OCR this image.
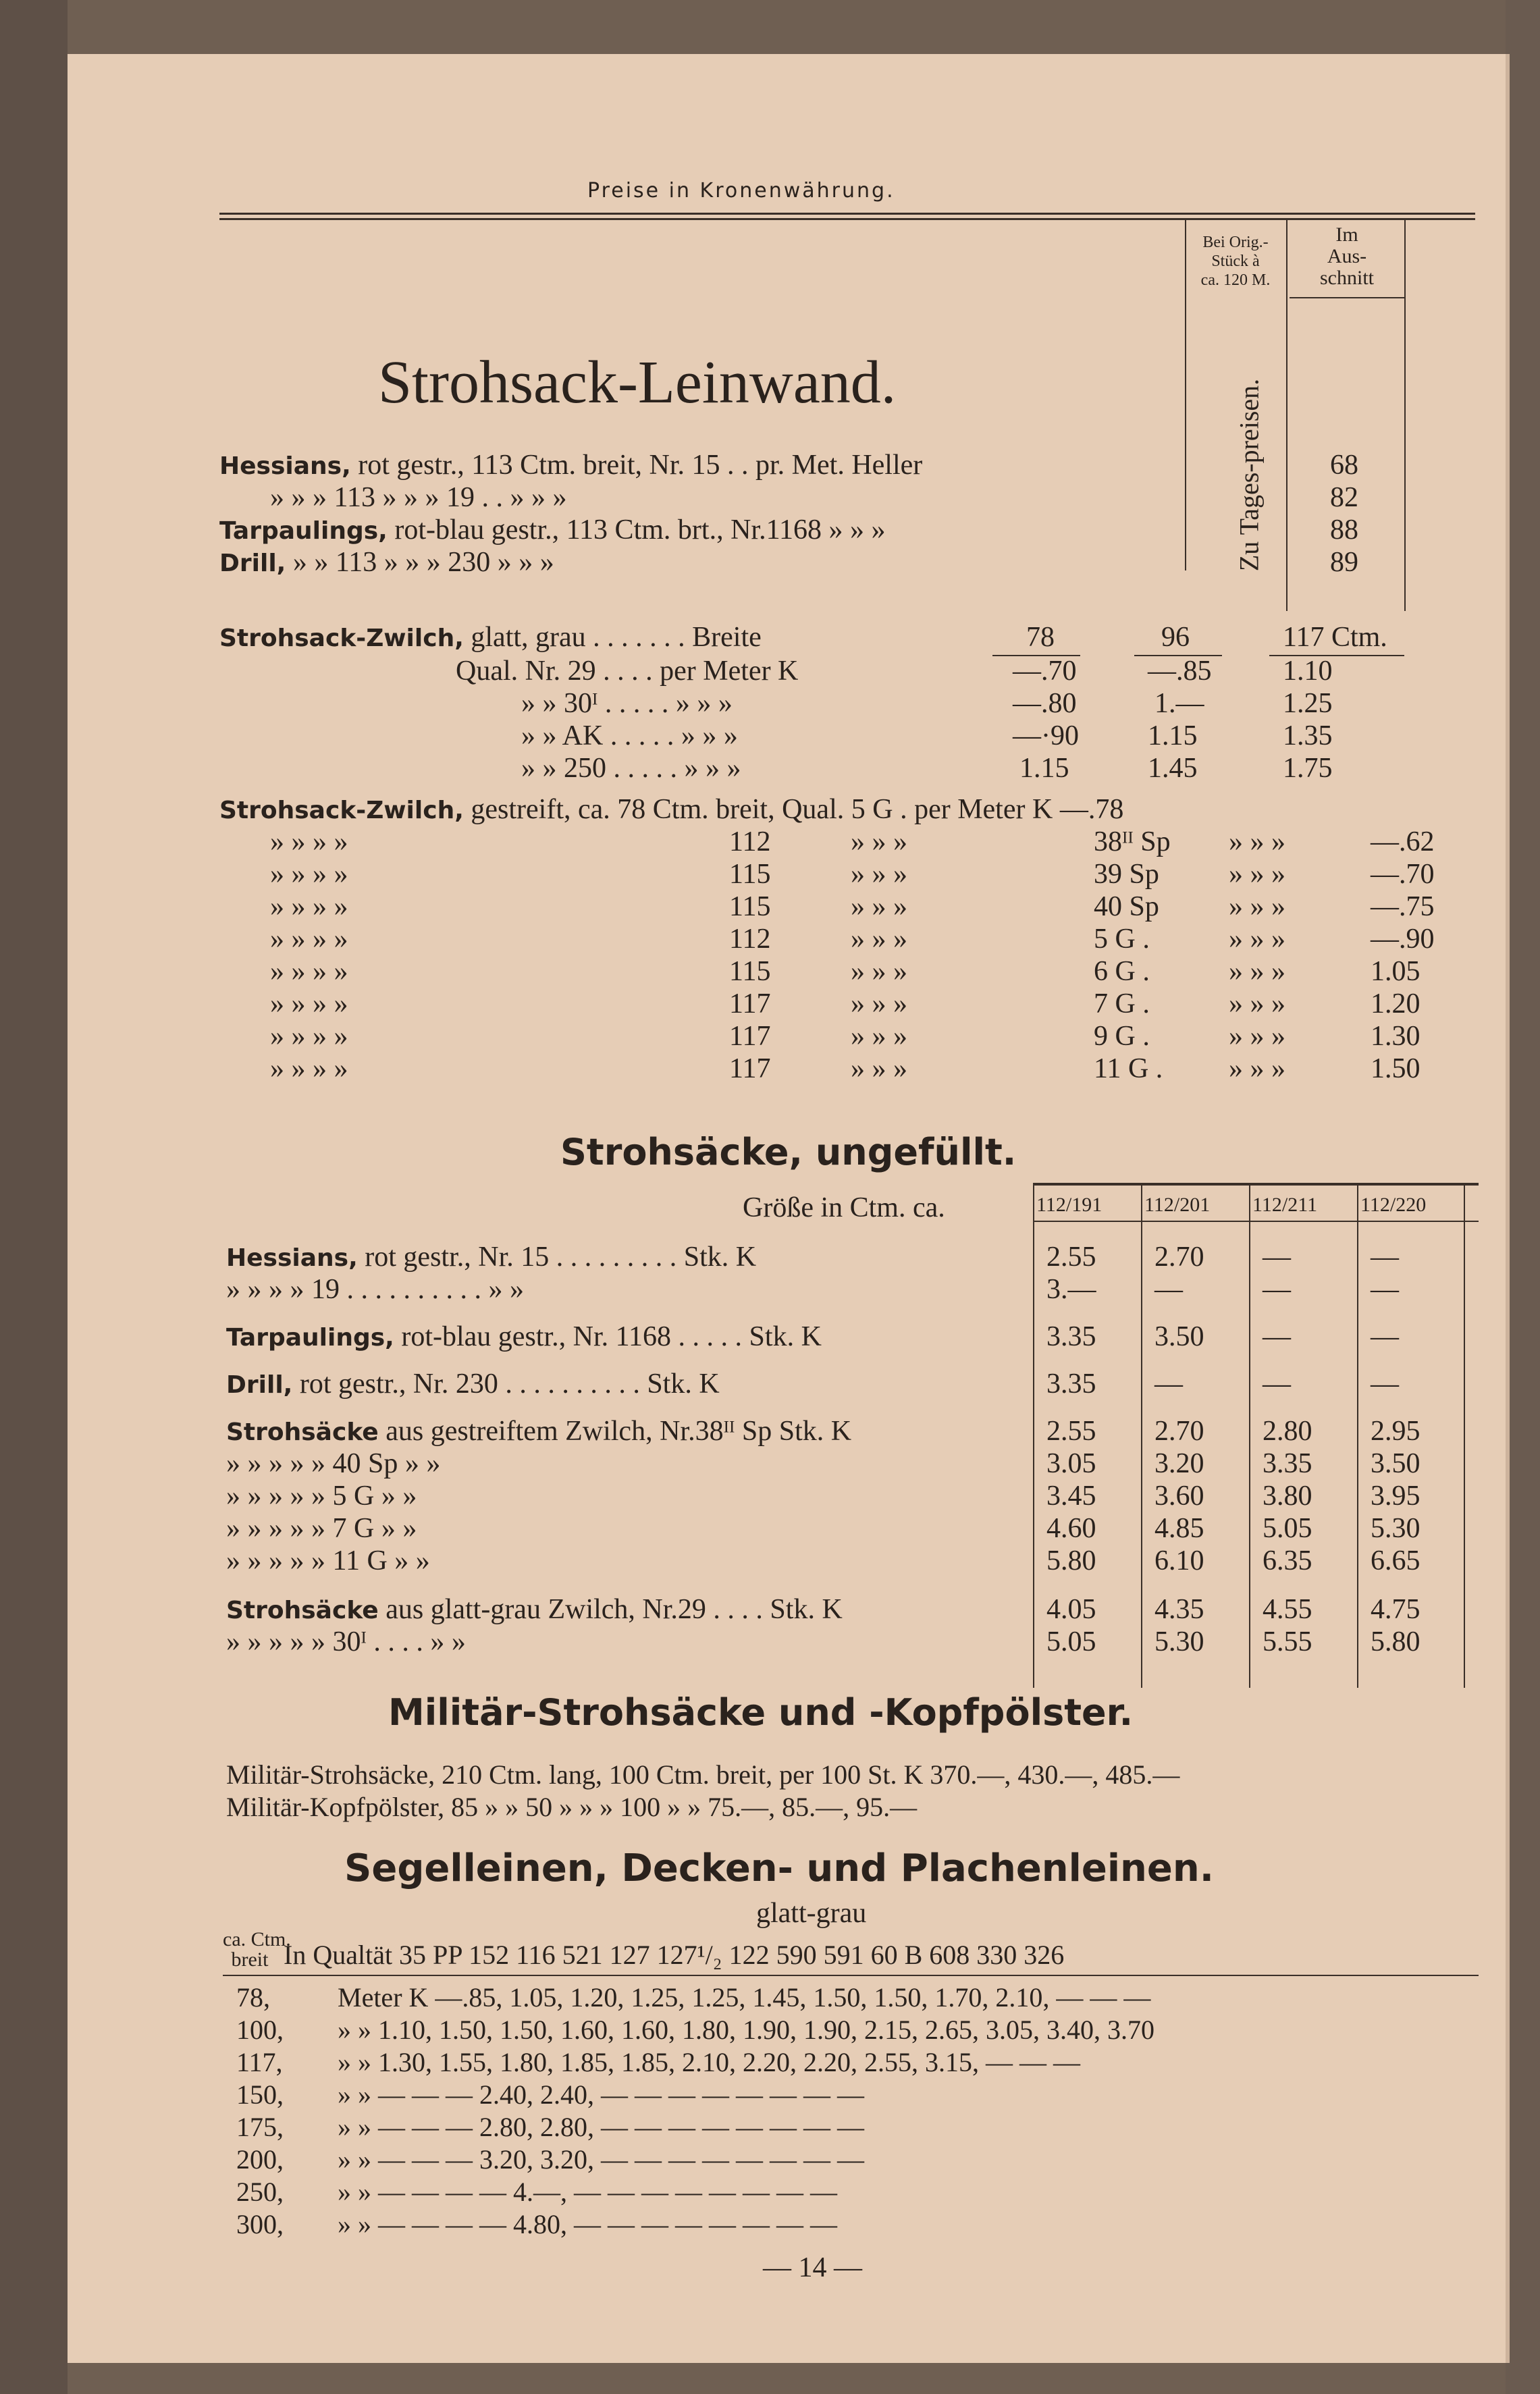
Preise in Kronenwährung.
Bei Orig.-
Stück à
ca. 120 M.
Im
Aus-
schnitt
Zu Tages-preisen.
Strohsack-Leinwand.
Hessians, rot gestr., 113 Ctm. breit, Nr. 15 . . pr. Met. Heller	68
» » » 113 » » » 19 . . » » »	82
Tarpaulings, rot-blau gestr., 113 Ctm. brt., Nr.1168 » » »	88
Drill, » » 113 » » » 230 » » »	89
Strohsack-Zwilch, glatt, grau . . . . . . . Breite	78	96	117 Ctm.
Qual. Nr. 29 . . . . per Meter K	—.70	—.85	1.10
» » 30ᴵ . . . . . » » »	—.80	1.—	1.25
» » AK . . . . . » » »	—·90 1.15	1.35
» » 250 . . . . . » » »	1.15	1.45	1.75
Strohsack-Zwilch, gestreift, ca. 78 Ctm. breit, Qual. 5 G . per Meter K —.78
Strohsäcke, ungefüllt.
Größe in Ctm. ca.	112/191 112/201 112/211 112/220
Militär-Strohsäcke und -Kopfpölster.
Militär-Strohsäcke, 210 Ctm. lang, 100 Ctm. breit, per 100 St. K 370.—, 430.—, 485.—
Militär-Kopfpölster, 85 » » 50 » » » 100 » » 75.—, 85.—, 95.—
Segelleinen, Decken- und Plachenleinen.
glatt-grau
ca. Ctm.
breit In Qualtät 35 PP 152 116 521 127 127¹/₂ 122 590 591 60 B 608 330 326
— 14 —
» » » »	112	» » »	38ᴵᴵ Sp » » »	—.62
» » » »	115	» » »	39 Sp » » »	—.70
» » » »	115	» » »	40 Sp » » »	—.75
» » » »	112	» » »	5 G .	» » »	—.90
» » » »	115	» » »	6 G .	» » »	1.05
» » » »	117	» » »	7 G .	» » »	1.20
» » » »	117	» » »	9 G .	» » »	1.30
» » » »	117	» » »	11 G . » » »	1.50
Hessians, rot gestr., Nr. 15 . . . . . . . . . Stk. K	2.55 2.70 —	—
» » » » 19 . . . . . . . . . . » »	3.— —	—	—
Tarpaulings, rot-blau gestr., Nr. 1168 . . . . . Stk. K	3.35 3.50 —	—
Drill, rot gestr., Nr. 230 . . . . . . . . . . Stk. K	3.35 —	—	—
Strohsäcke aus gestreiftem Zwilch, Nr.38ᴵᴵ Sp Stk. K	2.55 2.70 2.80 2.95
» » » » » 40 Sp » »	3.05 3.20 3.35 3.50
» » » » » 5 G » »	3.45 3.60 3.80 3.95
» » » » » 7 G » »	4.60 4.85 5.05 5.30
» » » » » 11 G » »	5.80 6.10 6.35 6.65
Strohsäcke aus glatt-grau Zwilch, Nr.29 . . . . Stk. K	4.05 4.35 4.55 4.75
» » » » » 30ᴵ . . . . » »	5.05 5.30 5.55 5.80
78,	Meter K —.85, 1.05, 1.20, 1.25, 1.25, 1.45, 1.50, 1.50, 1.70, 2.10, — — —
100, » » 1.10, 1.50, 1.50, 1.60, 1.60, 1.80, 1.90, 1.90, 2.15, 2.65, 3.05, 3.40, 3.70
117, » » 1.30, 1.55, 1.80, 1.85, 1.85, 2.10, 2.20, 2.20, 2.55, 3.15, — — —
150, » » — — — 2.40, 2.40, — — — — — — — —
175, » » — — — 2.80, 2.80, — — — — — — — —
200, » » — — — 3.20, 3.20, — — — — — — — —
250, » » — — — — 4.—, — — — — — — — —
300, » » — — — — 4.80, — — — — — — — —
